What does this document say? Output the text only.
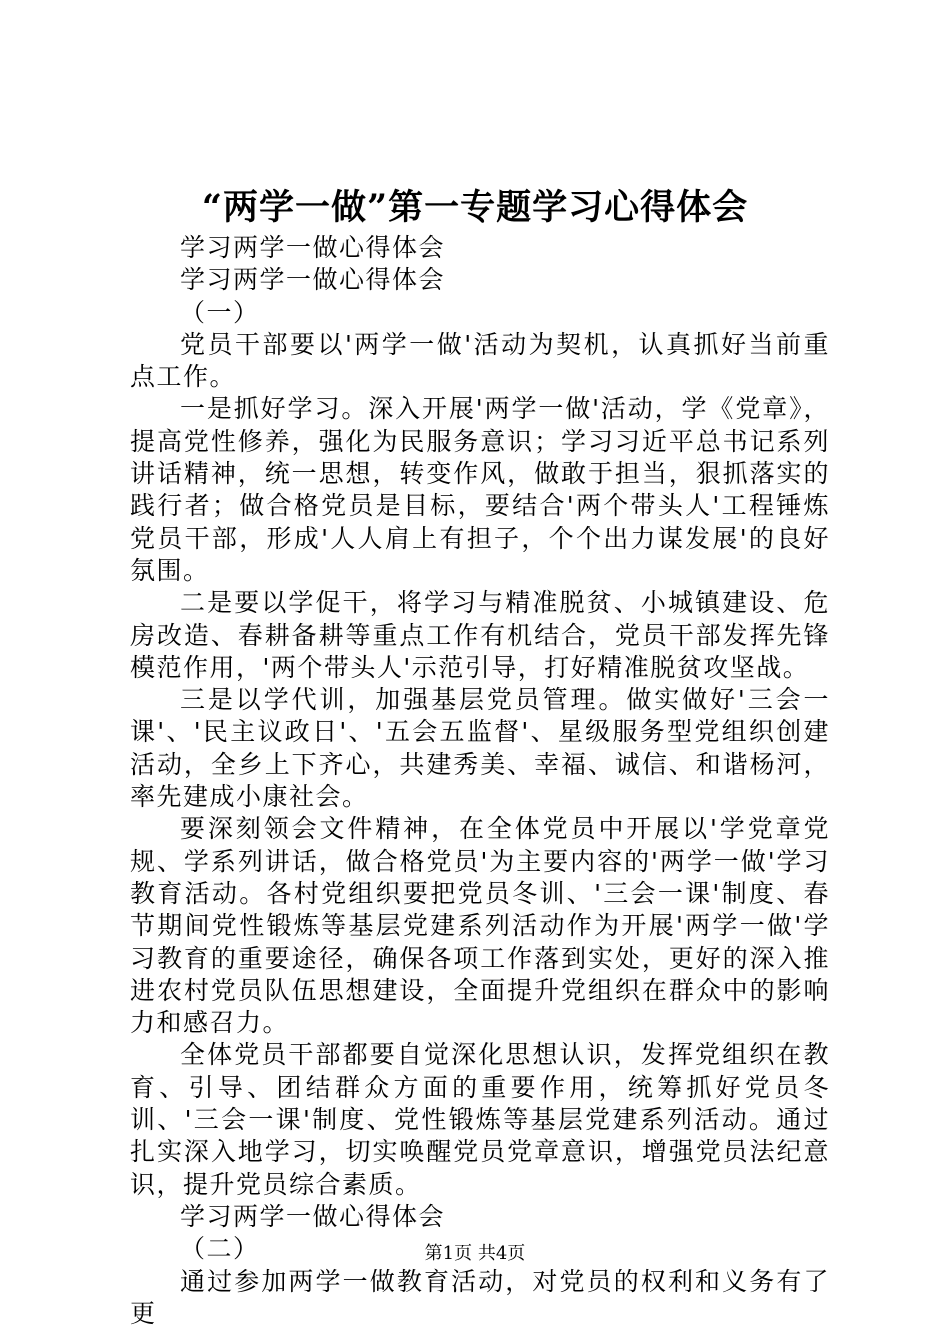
“两学一做”第一专题学习心得体会

学习两学一做心得体会

学习两学一做心得体会

（一）

党员干部要以'两学一做'活动为契机，认真抓好当前重点工作。

一是抓好学习。深入开展'两学一做'活动，学《党章》，提高党性修养，强化为民服务意识；学习习近平总书记系列讲话精神，统一思想，转变作风，做敢于担当，狠抓落实的践行者；做合格党员是目标，要结合'两个带头人'工程锤炼党员干部，形成'人人肩上有担子，个个出力谋发展'的良好氛围。

二是要以学促干，将学习与精准脱贫、小城镇建设、危房改造、春耕备耕等重点工作有机结合，党员干部发挥先锋模范作用，'两个带头人'示范引导，打好精准脱贫攻坚战。

三是以学代训，加强基层党员管理。做实做好'三会一课'、'民主议政日'、'五会五监督'、星级服务型党组织创建活动，全乡上下齐心，共建秀美、幸福、诚信、和谐杨河，率先建成小康社会。

要深刻领会文件精神，在全体党员中开展以'学党章党规、学系列讲话，做合格党员'为主要内容的'两学一做'学习教育活动。各村党组织要把党员冬训、'三会一课'制度、春节期间党性锻炼等基层党建系列活动作为开展'两学一做'学习教育的重要途径，确保各项工作落到实处，更好的深入推进农村党员队伍思想建设，全面提升党组织在群众中的影响力和感召力。

全体党员干部都要自觉深化思想认识，发挥党组织在教育、引导、团结群众方面的重要作用，统筹抓好党员冬训、'三会一课'制度、党性锻炼等基层党建系列活动。通过扎实深入地学习，切实唤醒党员党章意识，增强党员法纪意识，提升党员综合素质。

学习两学一做心得体会

（二）

通过参加两学一做教育活动，对党员的权利和义务有了更

第1页 共4页
